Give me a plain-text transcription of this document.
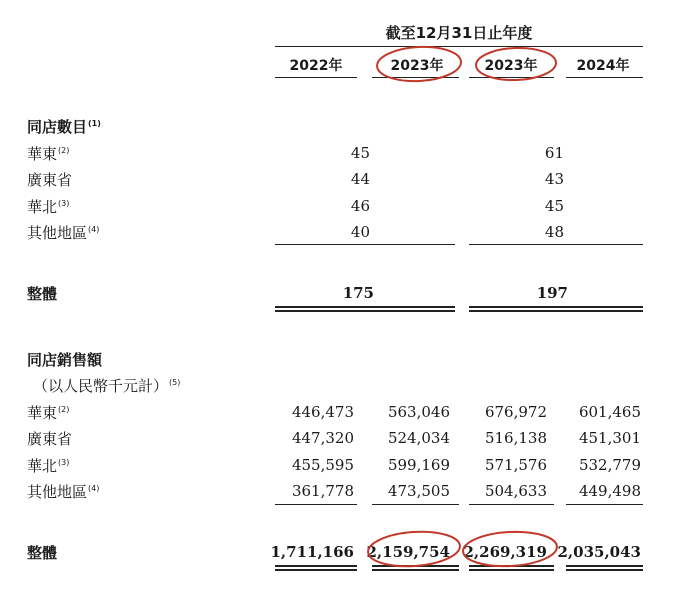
截至12月31日止年度
2022年	2023年	2023年	2024年
同店數目$^{(1)}$
華東$^{(2)}$	45	61
廣東省	44	43
華北$^{(3)}$	46	45
其他地區$^{(4)}$	40	48
整體	175	197
同店銷售額
（以人民幣千元計）$^{(5)}$
華東$^{(2)}$	446,473	563,046	676,972	601,465
廣東省	447,320	524,034	516,138	451,301
華北$^{(3)}$	455,595	599,169	571,576	532,779
其他地區$^{(4)}$	361,778	473,505	504,633	449,498
整體	1,711,166 2,159,754 2,269,319 2,035,043
